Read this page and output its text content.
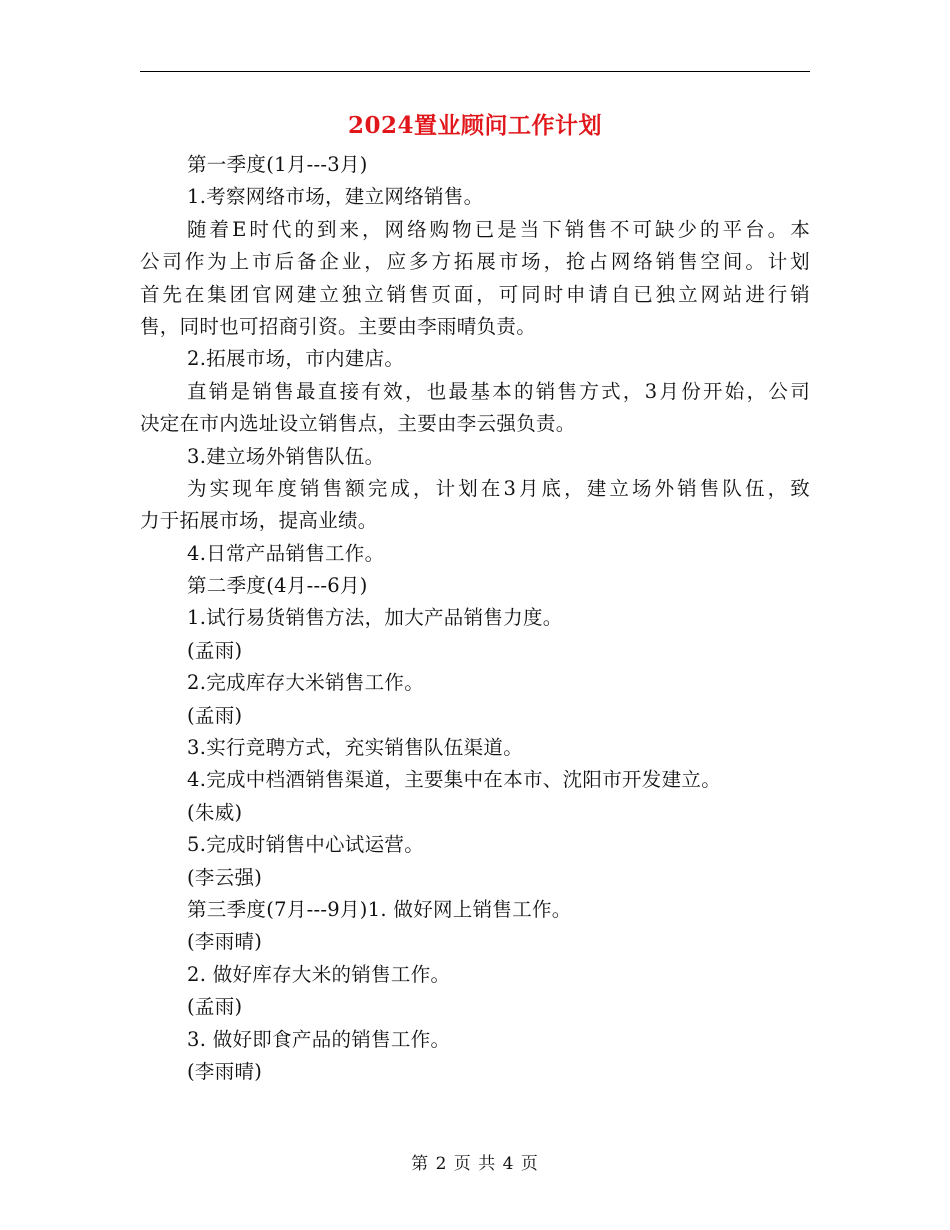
2024置业顾问工作计划
第一季度(1月---3月)
1.考察网络市场，建立网络销售。
随着E时代的到来，网络购物已是当下销售不可缺少的平台。本
公司作为上市后备企业，应多方拓展市场，抢占网络销售空间。计划
首先在集团官网建立独立销售页面，可同时申请自已独立网站进行销
售，同时也可招商引资。主要由李雨晴负责。
2.拓展市场，市内建店。
直销是销售最直接有效，也最基本的销售方式，3月份开始，公司
决定在市内选址设立销售点，主要由李云强负责。
3.建立场外销售队伍。
为实现年度销售额完成，计划在3月底，建立场外销售队伍，致
力于拓展市场，提高业绩。
4.日常产品销售工作。
第二季度(4月---6月)
1.试行易货销售方法，加大产品销售力度。
(孟雨)
2.完成库存大米销售工作。
(孟雨)
3.实行竞聘方式，充实销售队伍渠道。
4.完成中档酒销售渠道，主要集中在本市、沈阳市开发建立。
(朱威)
5.完成时销售中心试运营。
(李云强)
第三季度(7月---9月)1. 做好网上销售工作。
(李雨晴)
2. 做好库存大米的销售工作。
(孟雨)
3. 做好即食产品的销售工作。
(李雨晴)
第 2 页 共 4 页
